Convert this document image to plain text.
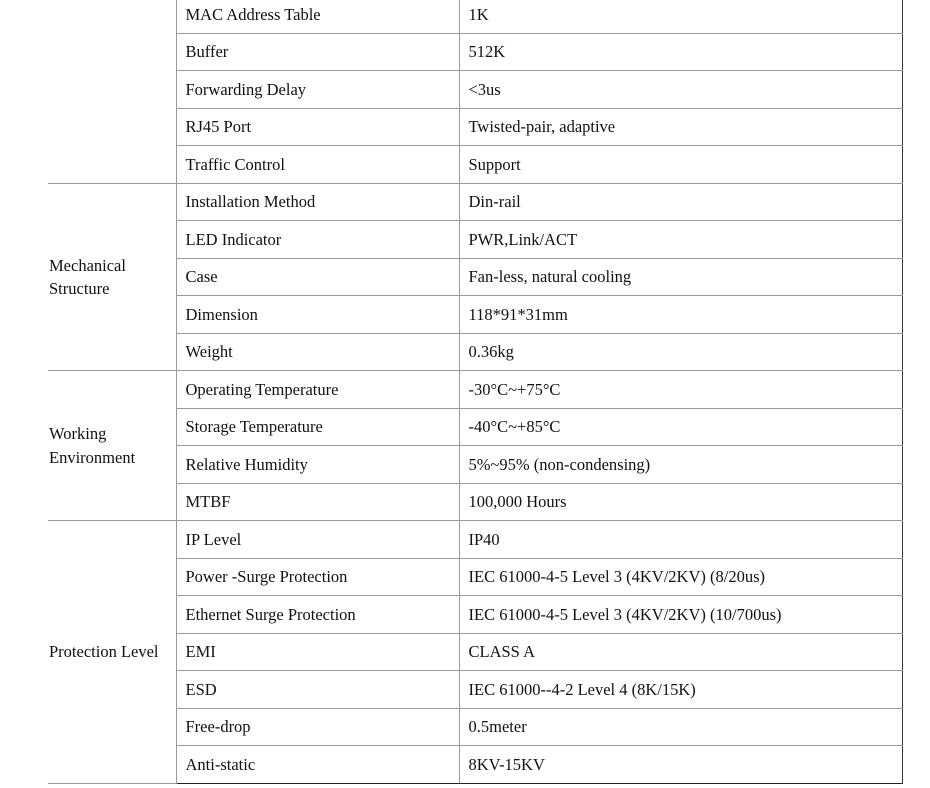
	MAC Address Table	1K
	Buffer	512K
	Forwarding Delay	<3us
	RJ45 Port	Twisted-pair, adaptive
	Traffic Control	Support
Mechanical Structure	Installation Method	Din-rail
	LED Indicator	PWR,Link/ACT
	Case	Fan-less, natural cooling
	Dimension	118*91*31mm
	Weight	0.36kg
Working Environment	Operating Temperature	-30°C~+75°C
	Storage Temperature	-40°C~+85°C
	Relative Humidity	5%~95% (non-condensing)
	MTBF	100,000 Hours
Protection Level	IP Level	IP40
	Power -Surge Protection	IEC 61000-4-5 Level 3 (4KV/2KV) (8/20us)
	Ethernet Surge Protection	IEC 61000-4-5 Level 3 (4KV/2KV) (10/700us)
	EMI	CLASS A
	ESD	IEC 61000--4-2 Level 4 (8K/15K)
	Free-drop	0.5meter
	Anti-static	8KV-15KV
